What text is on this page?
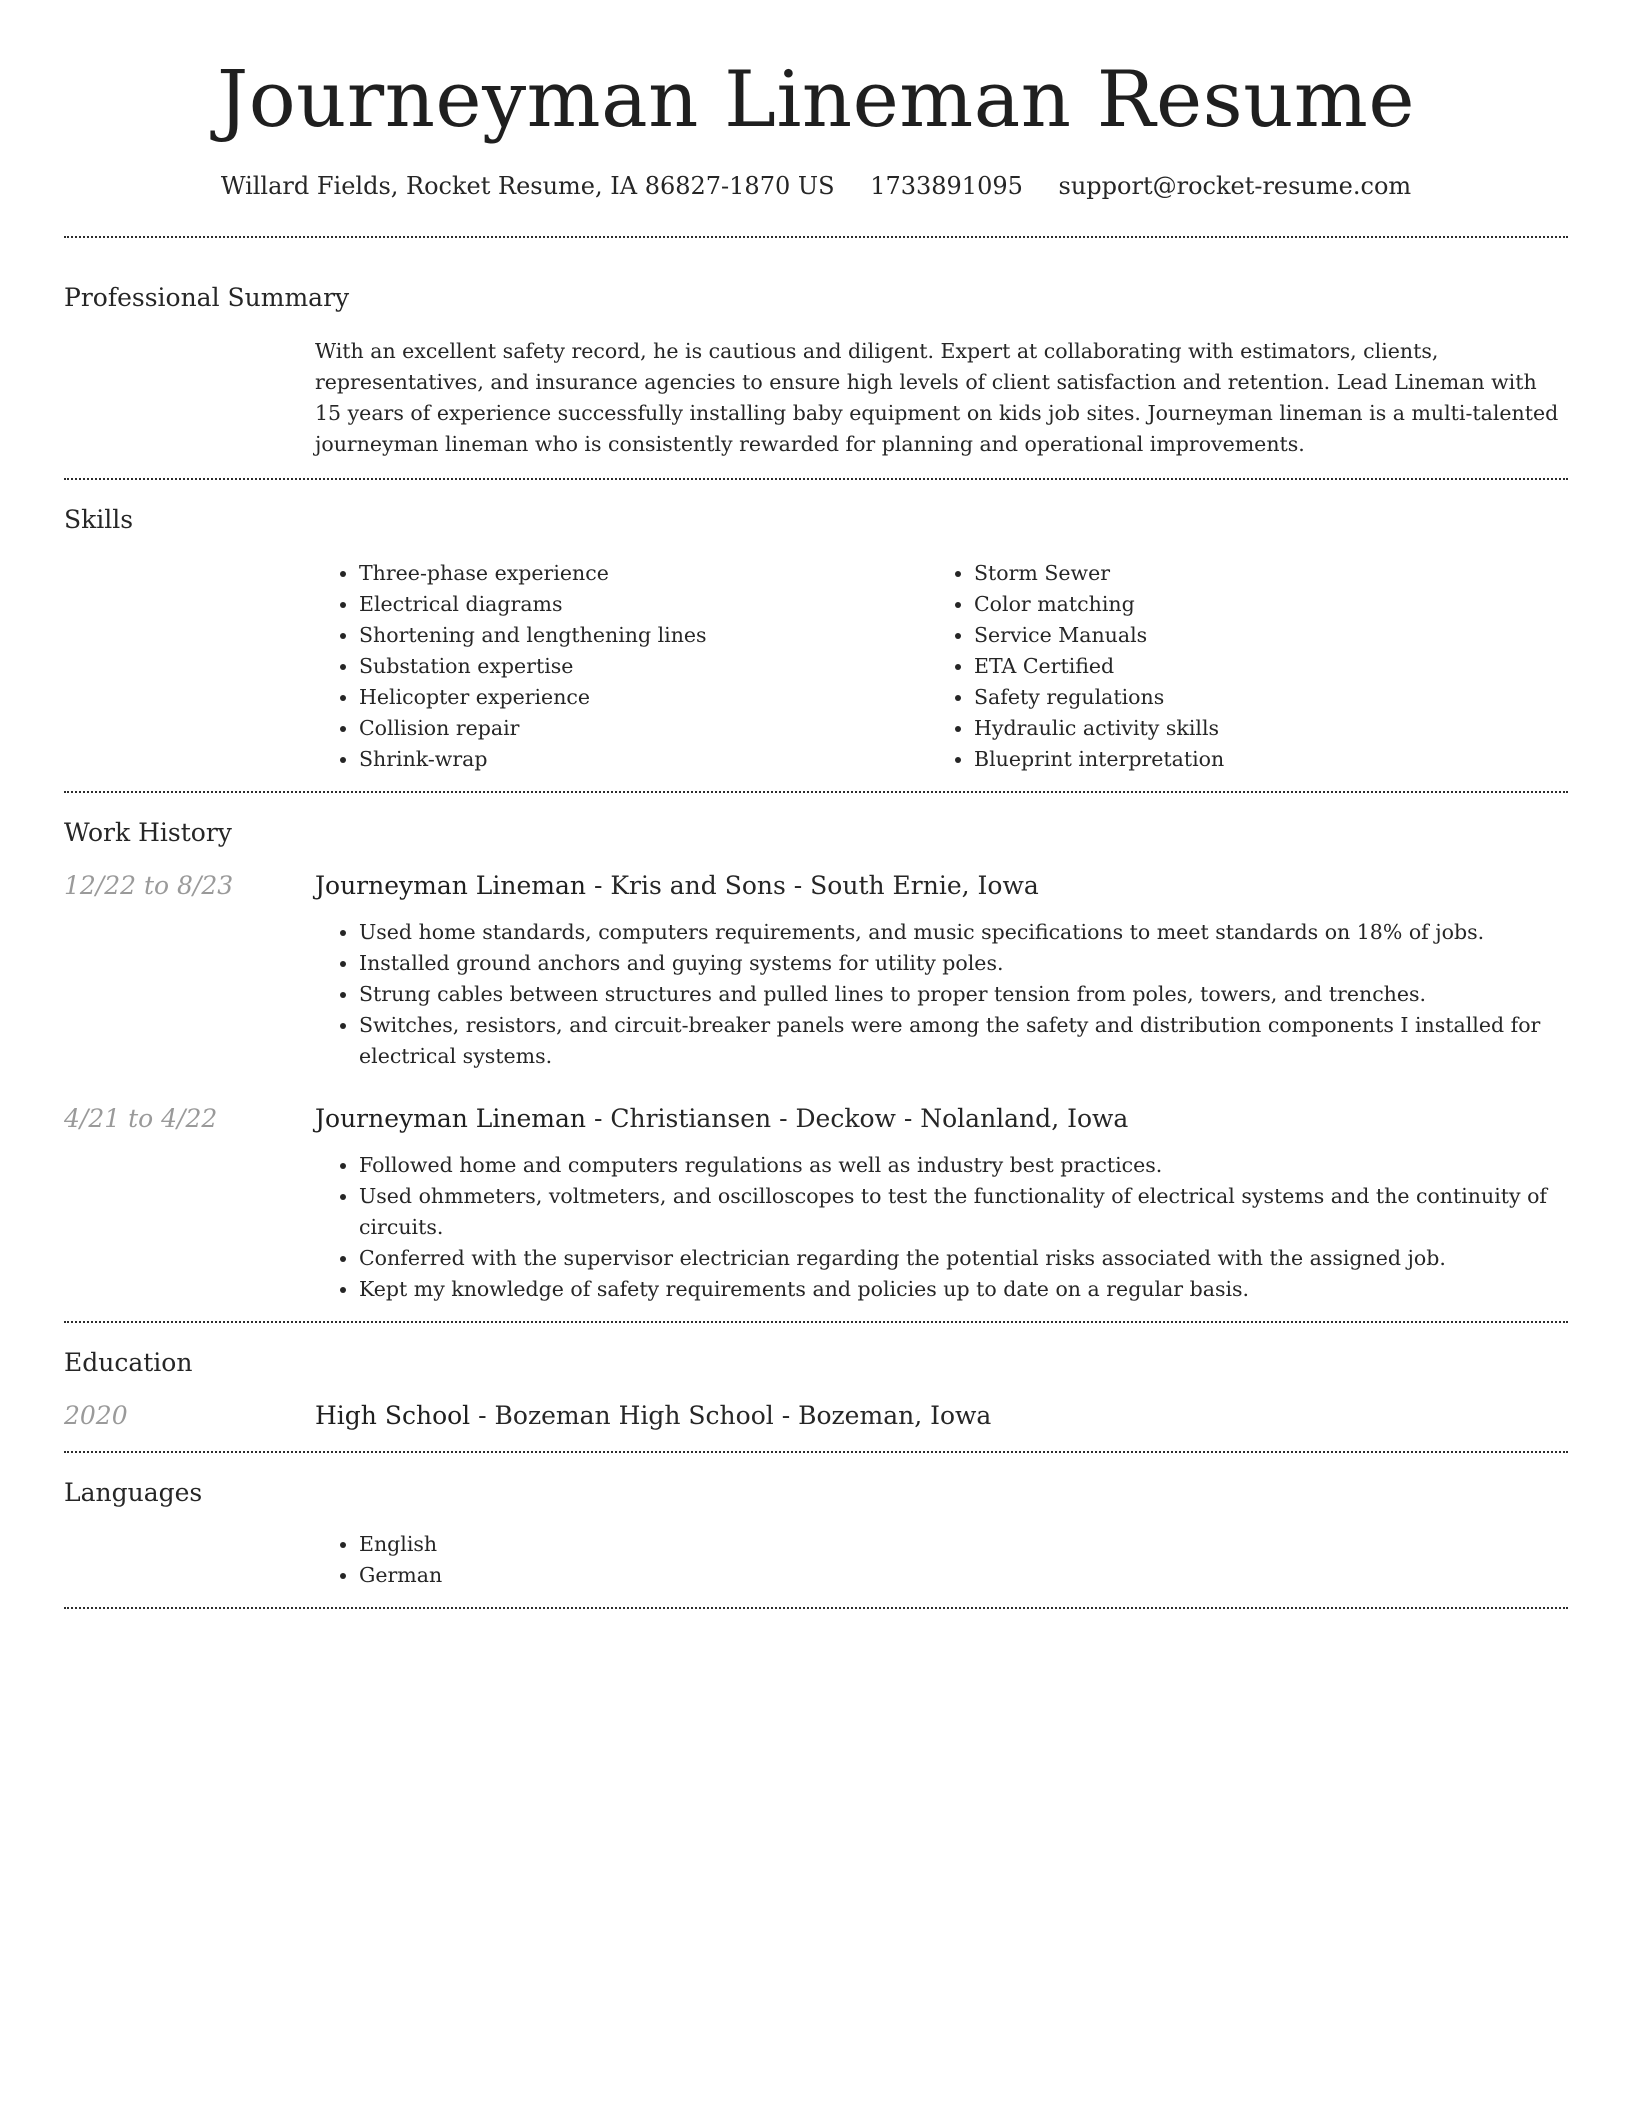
Journeyman Lineman Resume
Willard Fields, Rocket Resume, IA 86827-1870 US 1733891095 support@rocket-resume.com
Professional Summary
With an excellent safety record, he is cautious and diligent. Expert at collaborating with estimators, clients, representatives, and insurance agencies to ensure high levels of client satisfaction and retention. Lead Lineman with 15 years of experience successfully installing baby equipment on kids job sites. Journeyman lineman is a multi-talented journeyman lineman who is consistently rewarded for planning and operational improvements.
Skills
• Three-phase experience
• Electrical diagrams
• Shortening and lengthening lines
• Substation expertise
• Helicopter experience
• Collision repair
• Shrink-wrap
• Storm Sewer
• Color matching
• Service Manuals
• ETA Certified
• Safety regulations
• Hydraulic activity skills
• Blueprint interpretation
Work History
12/22 to 8/23	Journeyman Lineman - Kris and Sons - South Ernie, Iowa
• Used home standards, computers requirements, and music specifications to meet standards on 18% of jobs.
• Installed ground anchors and guying systems for utility poles.
• Strung cables between structures and pulled lines to proper tension from poles, towers, and trenches.
• Switches, resistors, and circuit-breaker panels were among the safety and distribution components I installed for electrical systems.
4/21 to 4/22	Journeyman Lineman - Christiansen - Deckow - Nolanland, Iowa
• Followed home and computers regulations as well as industry best practices.
• Used ohmmeters, voltmeters, and oscilloscopes to test the functionality of electrical systems and the continuity of circuits.
• Conferred with the supervisor electrician regarding the potential risks associated with the assigned job.
• Kept my knowledge of safety requirements and policies up to date on a regular basis.
Education
2020	High School - Bozeman High School - Bozeman, Iowa
Languages
• English
• German
